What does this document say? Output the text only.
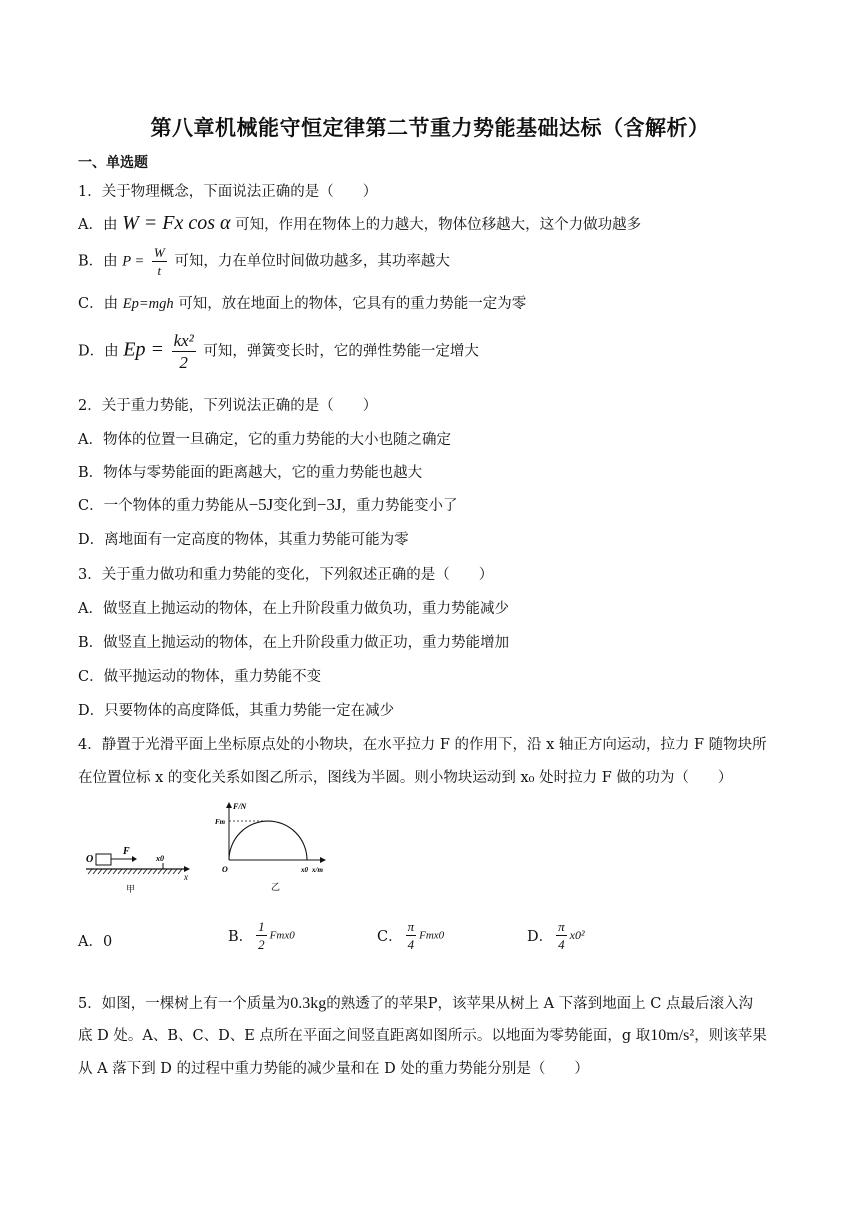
第八章机械能守恒定律第二节重力势能基础达标（含解析）
一、单选题
1．关于物理概念，下面说法正确的是（　　）
A．由 W = Fx cos α 可知，作用在物体上的力越大，物体位移越大，这个力做功越多
B．由 $P = \frac{W}{t}$ 可知，力在单位时间做功越多，其功率越大
C．由 Ep=mgh 可知，放在地面上的物体，它具有的重力势能一定为零
D．由 $Ep = \frac{\text{kx²}}{2}$ 可知，弹簧变长时，它的弹性势能一定增大
2．关于重力势能，下列说法正确的是（　　）
A．物体的位置一旦确定，它的重力势能的大小也随之确定
B．物体与零势能面的距离越大，它的重力势能也越大
C．一个物体的重力势能从−5J变化到−3J，重力势能变小了
D．离地面有一定高度的物体，其重力势能可能为零
3．关于重力做功和重力势能的变化，下列叙述正确的是（　　）
A．做竖直上抛运动的物体，在上升阶段重力做负功，重力势能减少
B．做竖直上抛运动的物体，在上升阶段重力做正功，重力势能增加
C．做平抛运动的物体，重力势能不变
D．只要物体的高度降低，其重力势能一定在减少
4．静置于光滑平面上坐标原点处的小物块，在水平拉力 F 的作用下，沿 x 轴正方向运动，拉力 F 随物块所
在位置位标 x 的变化关系如图乙所示，图线为半圆。则小物块运动到 x₀ 处时拉力 F 做的功为（　　）
O
F
x0
x
甲
F/N
Fm
O	x0 x/m
乙
A．0	B． $\frac{1}{2} Fmx0$	C． $\frac{\pi}{4} Fmx0$	D． $\frac{\pi}{4} x0^2$
5．如图，一棵树上有一个质量为0.3kg的熟透了的苹果P，该苹果从树上 A 下落到地面上 C 点最后滚入沟
底 D 处。A、B、C、D、E 点所在平面之间竖直距离如图所示。以地面为零势能面，g 取10m/s²，则该苹果
从 A 落下到 D 的过程中重力势能的减少量和在 D 处的重力势能分别是（　　）
